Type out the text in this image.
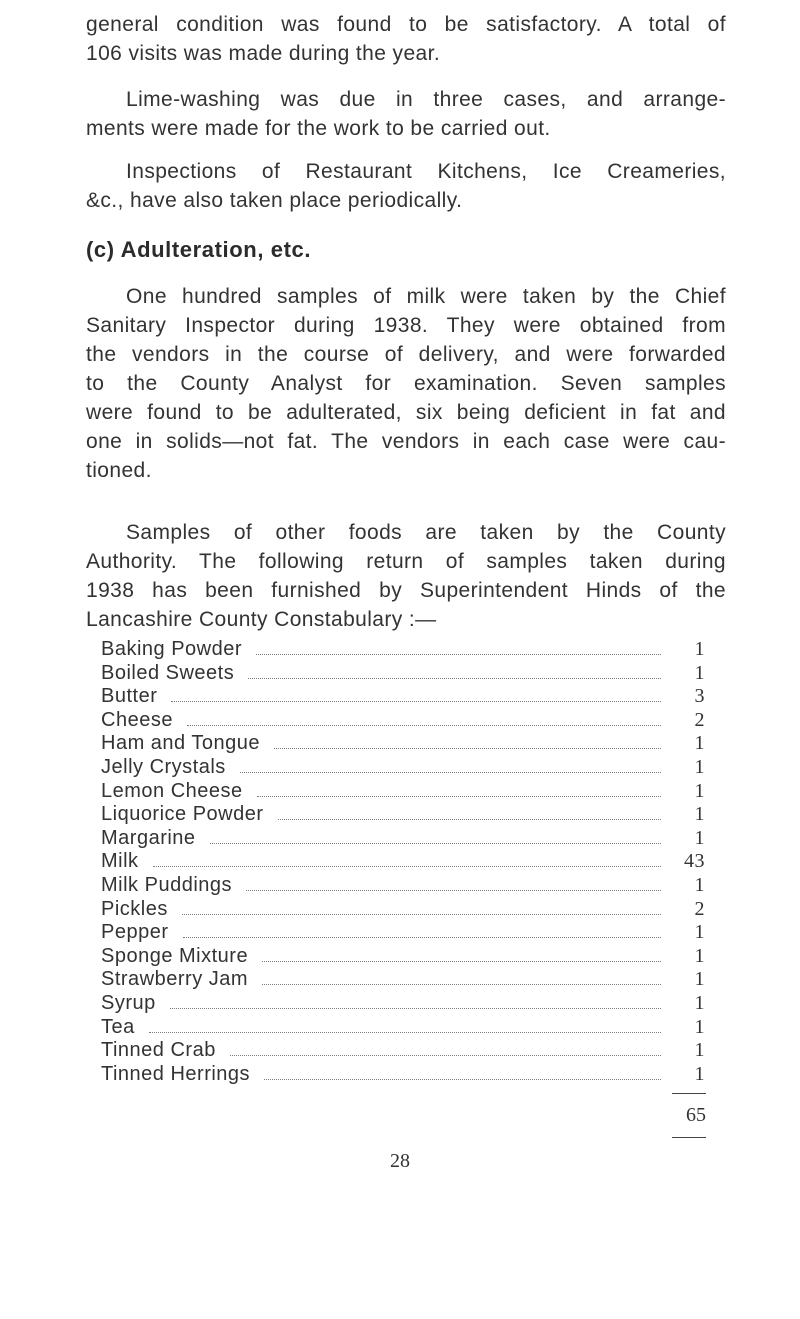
general condition was found to be satisfactory. A total of
106 visits was made during the year.

Lime-washing was due in three cases, and arrange-
ments were made for the work to be carried out.

Inspections of Restaurant Kitchens, Ice Creameries,
&c., have also taken place periodically.

(c) Adulteration, etc.

One hundred samples of milk were taken by the Chief
Sanitary Inspector during 1938. They were obtained from
the vendors in the course of delivery, and were forwarded
to the County Analyst for examination. Seven samples
were found to be adulterated, six being deficient in fat and
one in solids—not fat. The vendors in each case were cau-
tioned.

Samples of other foods are taken by the County
Authority. The following return of samples taken during
1938 has been furnished by Superintendent Hinds of the
Lancashire County Constabulary :—

Baking Powder	1
Boiled Sweets	1
Butter	3
Cheese	2
Ham and Tongue	1
Jelly Crystals	1
Lemon Cheese	1
Liquorice Powder	1
Margarine	1
Milk	43
Milk Puddings	1
Pickles	2
Pepper	1
Sponge Mixture	1
Strawberry Jam	1
Syrup	1
Tea	1
Tinned Crab	1
Tinned Herrings	1
65
28
